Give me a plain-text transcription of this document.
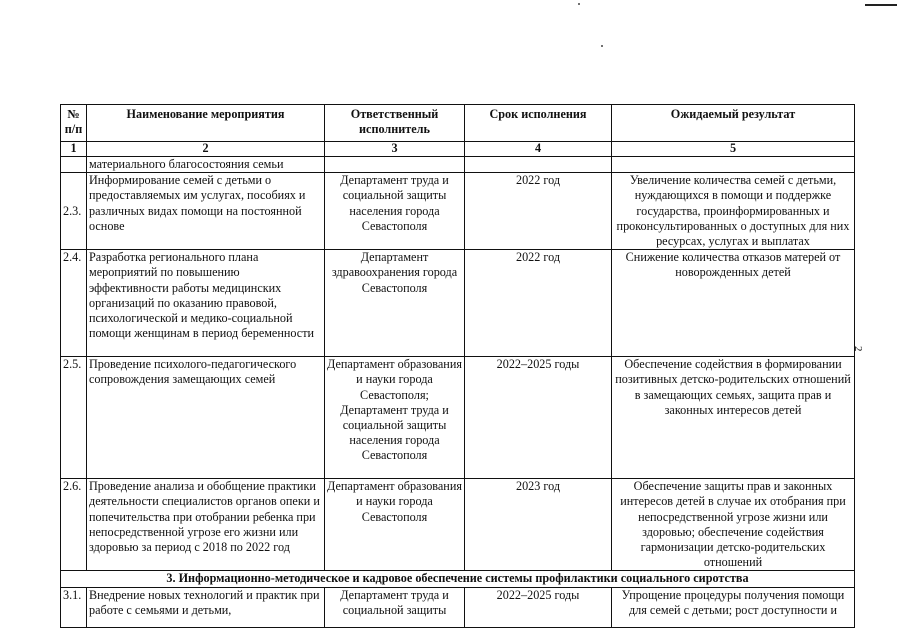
2
№ п/п	Наименование мероприятия	Ответственный исполнитель	Срок исполнения	Ожидаемый результат
1	2	3	4	5
	материального благосостояния семьи			
2.3.	Информирование семей с детьми о предоставляемых им услугах, пособиях и различных видах помощи на постоянной основе	Департамент труда и социальной защиты населения города Севастополя	2022 год	Увеличение количества семей с детьми, нуждающихся в помощи и поддержке государства, проинформированных и проконсультированных о доступных для них ресурсах, услугах и выплатах
2.4.	Разработка регионального плана мероприятий по повышению эффективности работы медицинских организаций по оказанию правовой, психологической и медико-социальной помощи женщинам в период беременности	Департамент здравоохранения города Севастополя	2022 год	Снижение количества отказов матерей от новорожденных детей
2.5.	Проведение психолого-педагогического сопровождения замещающих семей	Департамент образования и науки города Севастополя; Департамент труда и социальной защиты населения города Севастополя	2022–2025 годы	Обеспечение содействия в формировании позитивных детско-родительских отношений в замещающих семьях, защита прав и законных интересов детей
2.6.	Проведение анализа и обобщение практики деятельности специалистов органов опеки и попечительства при отобрании ребенка при непосредственной угрозе его жизни или здоровью за период с 2018 по 2022 год	Департамент образования и науки города Севастополя	2023 год	Обеспечение защиты прав и законных интересов детей в случае их отобрания при непосредственной угрозе жизни или здоровью; обеспечение содействия гармонизации детско-родительских отношений
3. Информационно-методическое и кадровое обеспечение системы профилактики социального сиротства				
3.1.	Внедрение новых технологий и практик при работе с семьями и детьми,	Департамент труда и социальной защиты	2022–2025 годы	Упрощение процедуры получения помощи для семей с детьми; рост доступности и
